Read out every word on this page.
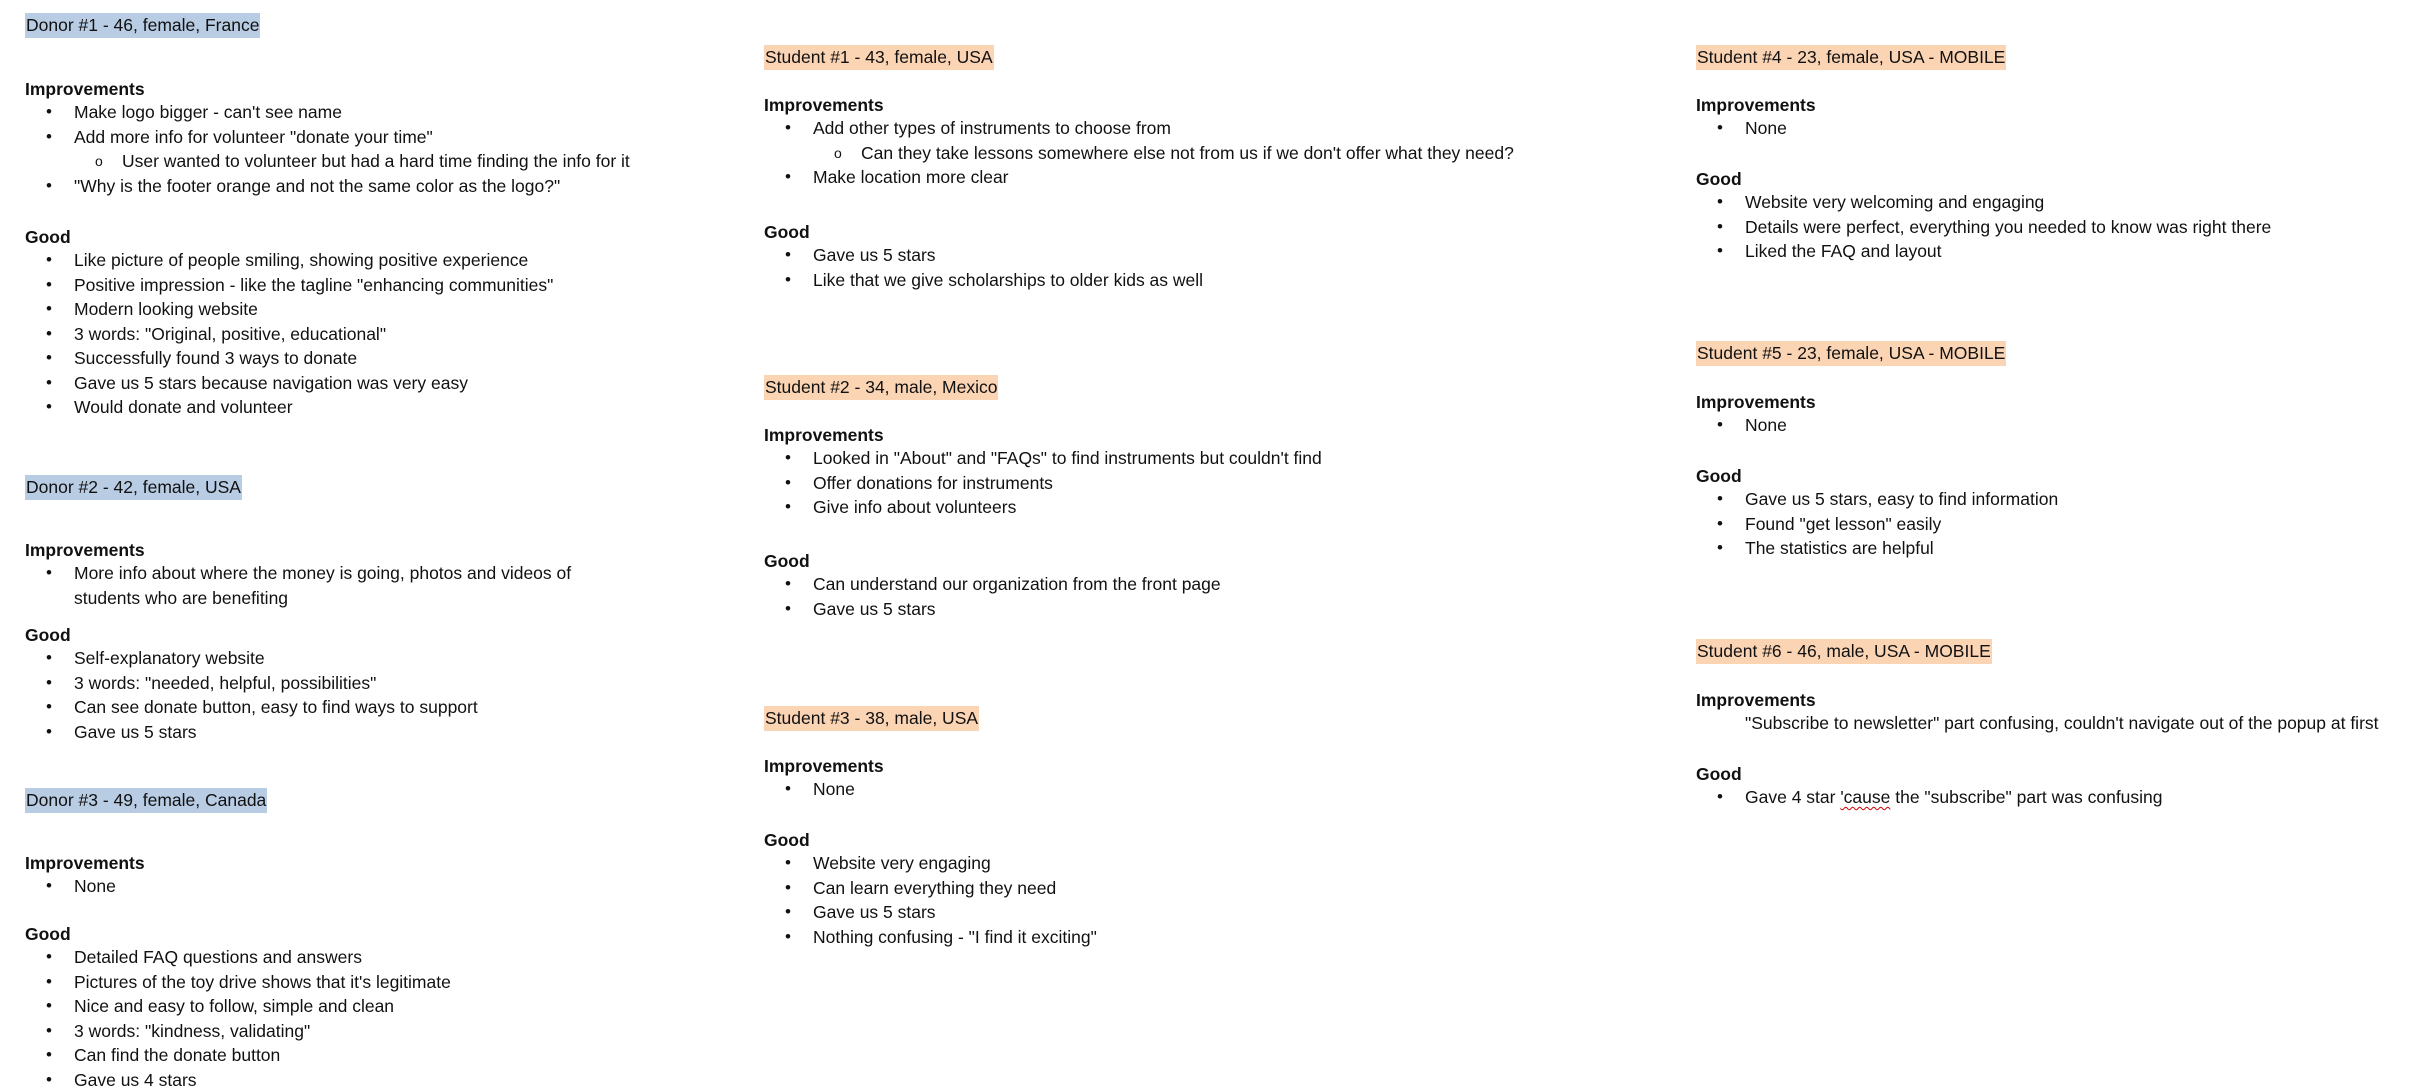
Donor #1 - 46, female, France
Improvements
• Make logo bigger - can't see name
• Add more info for volunteer "donate your time"
o User wanted to volunteer but had a hard time finding the info for it
• "Why is the footer orange and not the same color as the logo?"
Good
• Like picture of people smiling, showing positive experience
• Positive impression - like the tagline "enhancing communities"
• Modern looking website
• 3 words: "Original, positive, educational"
• Successfully found 3 ways to donate
• Gave us 5 stars because navigation was very easy
• Would donate and volunteer
Donor #2 - 42, female, USA
Improvements
• More info about where the money is going, photos and videos of students who are benefiting
Good
• Self-explanatory website
• 3 words: "needed, helpful, possibilities"
• Can see donate button, easy to find ways to support
• Gave us 5 stars
Donor #3 - 49, female, Canada
Improvements
• None
Good
• Detailed FAQ questions and answers
• Pictures of the toy drive shows that it's legitimate
• Nice and easy to follow, simple and clean
• 3 words: "kindness, validating"
• Can find the donate button
• Gave us 4 stars
Student #1 - 43, female, USA
Improvements
• Add other types of instruments to choose from
o Can they take lessons somewhere else not from us if we don't offer what they need?
• Make location more clear
Good
• Gave us 5 stars
• Like that we give scholarships to older kids as well
Student #2 - 34, male, Mexico
Improvements
• Looked in "About" and "FAQs" to find instruments but couldn't find
• Offer donations for instruments
• Give info about volunteers
Good
• Can understand our organization from the front page
• Gave us 5 stars
Student #3 - 38, male, USA
Improvements
• None
Good
• Website very engaging
• Can learn everything they need
• Gave us 5 stars
• Nothing confusing - "I find it exciting"
Student #4 - 23, female, USA - MOBILE
Improvements
• None
Good
• Website very welcoming and engaging
• Details were perfect, everything you needed to know was right there
• Liked the FAQ and layout
Student #5 - 23, female, USA - MOBILE
Improvements
• None
Good
• Gave us 5 stars, easy to find information
• Found "get lesson" easily
• The statistics are helpful
Student #6 - 46, male, USA - MOBILE
Improvements
"Subscribe to newsletter" part confusing, couldn't navigate out of the popup at first
Good
• Gave 4 star 'cause the "subscribe" part was confusing
